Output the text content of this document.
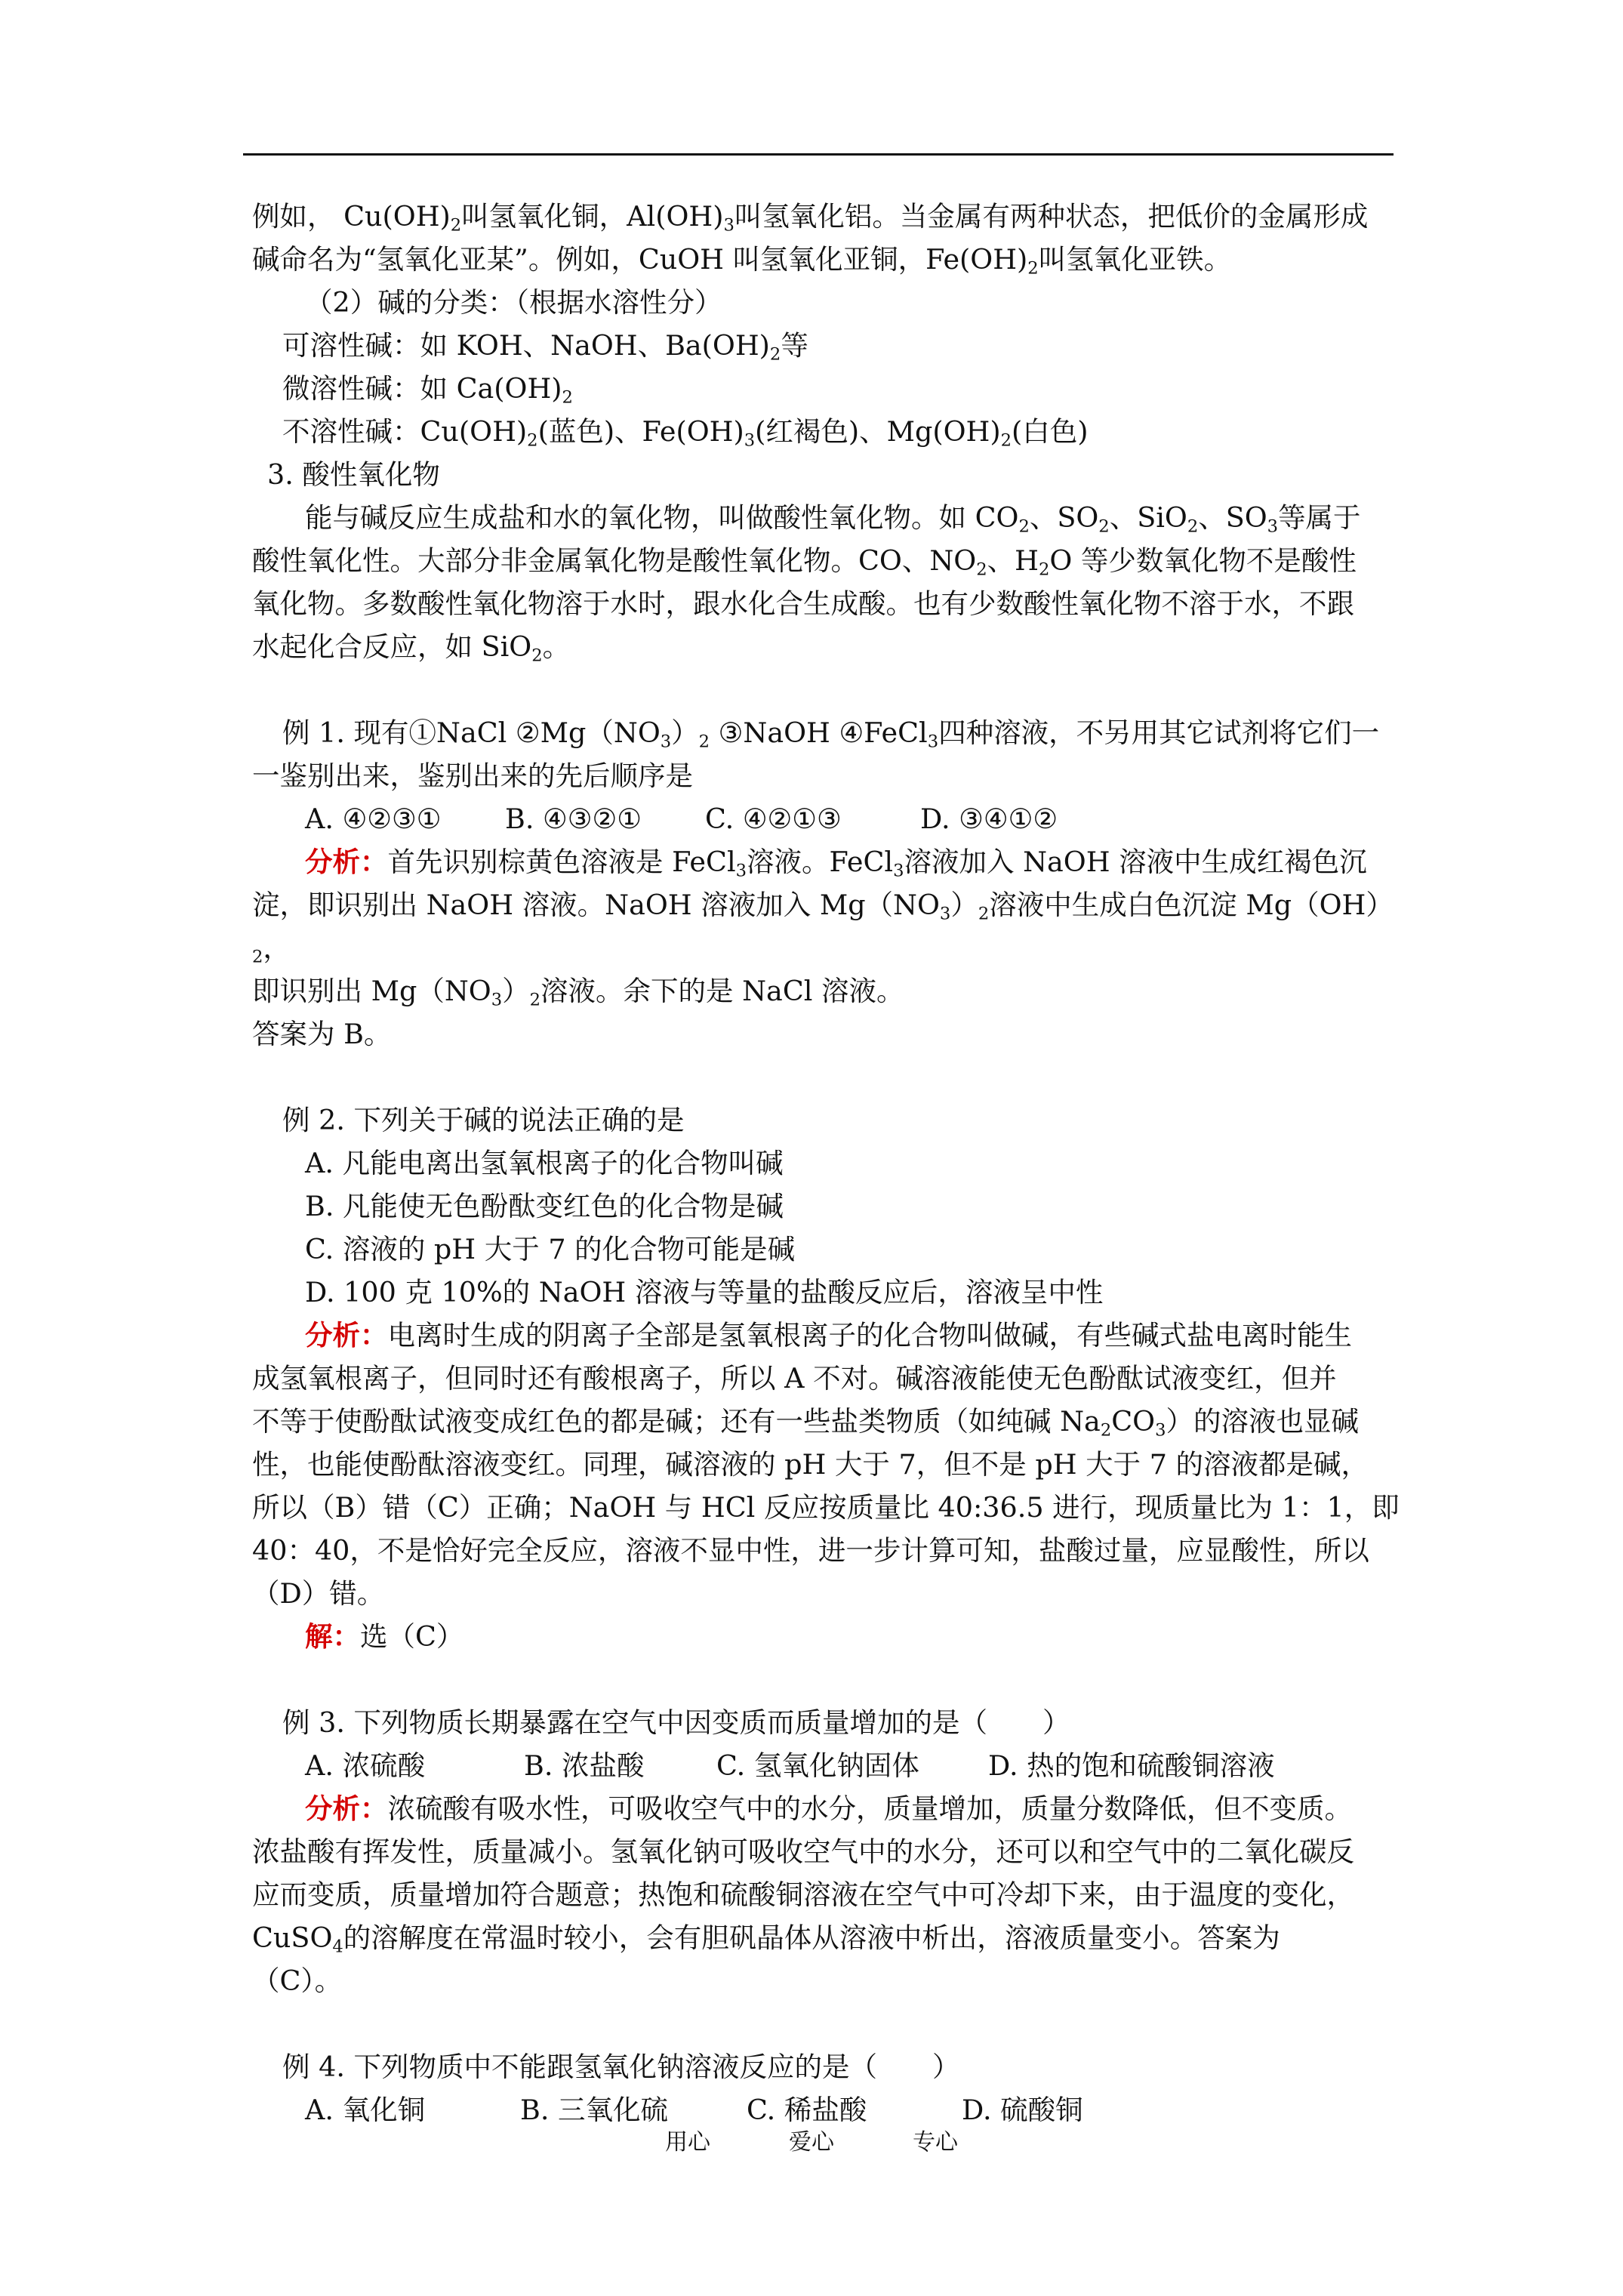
例如， $Cu(OH)_2$叫氢氧化铜，$Al(OH)_3$叫氢氧化铝。当金属有两种状态，把低价的金属形成

碱命名为“氢氧化亚某”。例如，CuOH 叫氢氧化亚铜，$Fe(OH)_2$叫氢氧化亚铁。

（2）碱的分类：（根据水溶性分）

可溶性碱：如 KOH、NaOH、$Ba(OH)_2$等

微溶性碱：如 $Ca(OH)_2$

不溶性碱：$Cu(OH)_2$(蓝色)、$Fe(OH)_3$(红褐色)、$Mg(OH)_2$(白色)

3. 酸性氧化物

能与碱反应生成盐和水的氧化物，叫做酸性氧化物。如 $CO_2$、$SO_2$、SiO$_2$、$SO_3$等属于

酸性氧化性。大部分非金属氧化物是酸性氧化物。CO、$NO_2$、$H_2O$ 等少数氧化物不是酸性

氧化物。多数酸性氧化物溶于水时，跟水化合生成酸。也有少数酸性氧化物不溶于水，不跟

水起化合反应，如 SiO$_2$。

例 1. 现有①NaCl $②Mg(NO_3)_2$ ③NaOH ④FeCl$_3$四种溶液，不另用其它试剂将它们一

一鉴别出来，鉴别出来的先后顺序是

A. ④②③① B. ④③②① C. ④②①③	D. ③④①②

分析：首先识别棕黄色溶液是 FeCl$_3$溶液。FeCl$_3$溶液加入 NaOH 溶液中生成红褐色沉

淀，即识别出 NaOH 溶液。NaOH 溶液加入 $Mg(NO_3)_2$溶液中生成白色沉淀 $Mg(OH)_2$，

即识别出 $Mg(NO_3)_2$溶液。余下的是 NaCl 溶液。

答案为 B。

例 2. 下列关于碱的说法正确的是

A. 凡能电离出氢氧根离子的化合物叫碱

B. 凡能使无色酚酞变红色的化合物是碱

C. 溶液的 pH 大于 7 的化合物可能是碱

D. 100 克 10%的 NaOH 溶液与等量的盐酸反应后，溶液呈中性

分析：电离时生成的阴离子全部是氢氧根离子的化合物叫做碱，有些碱式盐电离时能生

成氢氧根离子，但同时还有酸根离子，所以 A 不对。碱溶液能使无色酚酞试液变红，但并

不等于使酚酞试液变成红色的都是碱；还有一些盐类物质（如纯碱 $Na_2CO_3$）的溶液也显碱

性，也能使酚酞溶液变红。同理，碱溶液的 pH 大于 7，但不是 pH 大于 7 的溶液都是碱，

所以（B）错（C）正确；NaOH 与 HCl 反应按质量比 40:36.5 进行，现质量比为 1：1，即

40：40，不是恰好完全反应，溶液不显中性，进一步计算可知，盐酸过量，应显酸性，所以

（D）错。

解：选（C）

例 3. 下列物质长期暴露在空气中因变质而质量增加的是（　　）

A. 浓硫酸	B. 浓盐酸	C. 氢氧化钠固体 D. 热的饱和硫酸铜溶液

分析：浓硫酸有吸水性，可吸收空气中的水分，质量增加，质量分数降低，但不变质。

浓盐酸有挥发性，质量减小。氢氧化钠可吸收空气中的水分，还可以和空气中的二氧化碳反

应而变质，质量增加符合题意；热饱和硫酸铜溶液在空气中可冷却下来，由于温度的变化，

CuSO$_4$的溶解度在常温时较小，会有胆矾晶体从溶液中析出，溶液质量变小。答案为

（C）。

例 4. 下列物质中不能跟氢氧化钠溶液反应的是（　　）

A. 氧化铜	B. 三氧化硫	C. 稀盐酸	D. 硫酸铜

用心	爱心	专心
